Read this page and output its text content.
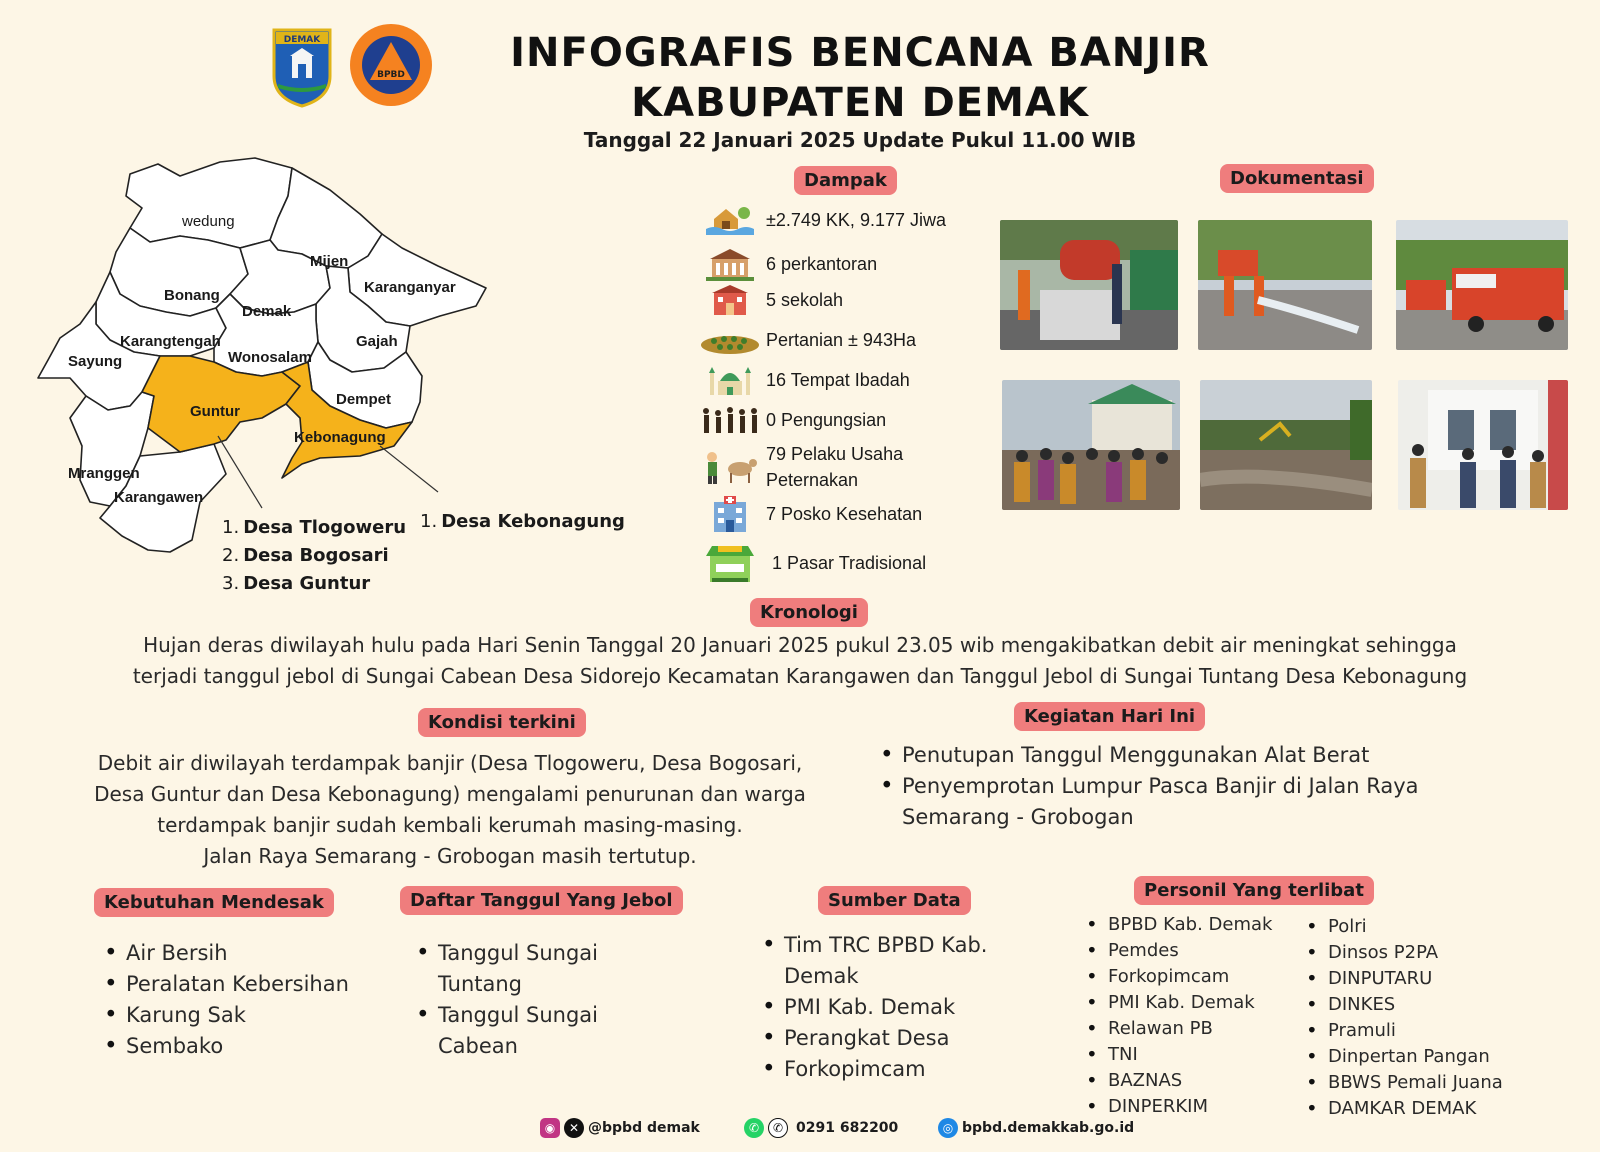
DEMAK
BPBD	INFOGRAFIS BENCANA BANJIR
KABUPATEN DEMAK
Tanggal 22 Januari 2025 Update Pukul 11.00 WIB
wedung
Mijen
Bonang
Demak
Karanganyar
Karangtengah	Gajah
Sayung	Wonosalam
Dempet
Guntur
Kebonagung
Mranggen
Karangawen
1. Desa Tlogoweru
2. Desa Bogosari
3. Desa Guntur
1. Desa Kebonagung
Dampak
±2.749 KK, 9.177 Jiwa
6 perkantoran
5 sekolah
Pertanian ± 943Ha
16 Tempat Ibadah
0 Pengungsian
79 Pelaku Usaha Peternakan
7 Posko Kesehatan
1 Pasar Tradisional
Dokumentasi
Kronologi
Hujan deras diwilayah hulu pada Hari Senin Tanggal 20 Januari 2025 pukul 23.05 wib mengakibatkan debit air meningkat sehingga
terjadi tanggul jebol di Sungai Cabean Desa Sidorejo Kecamatan Karangawen dan Tanggul Jebol di Sungai Tuntang Desa Kebonagung
Kondisi terkini
Debit air diwilayah terdampak banjir (Desa Tlogoweru, Desa Bogosari,
Desa Guntur dan Desa Kebonagung) mengalami penurunan dan warga
terdampak banjir sudah kembali kerumah masing-masing.
Jalan Raya Semarang - Grobogan masih tertutup.
Kegiatan Hari Ini
• Penutupan Tanggul Menggunakan Alat Berat
• Penyemprotan Lumpur Pasca Banjir di Jalan Raya Semarang - Grobogan
Kebutuhan Mendesak
• Air Bersih
• Peralatan Kebersihan
• Karung Sak
• Sembako
Daftar Tanggul Yang Jebol
• Tanggul Sungai Tuntang
• Tanggul Sungai Cabean
Sumber Data
• Tim TRC BPBD Kab. Demak
• PMI Kab. Demak
• Perangkat Desa
• Forkopimcam
Personil Yang terlibat
• BPBD Kab. Demak
• Pemdes
• Forkopimcam
• PMI Kab. Demak
• Relawan PB
• TNI
• BAZNAS
• DINPERKIM
• Polri
• Dinsos P2PA
• DINPUTARU
• DINKES
• Pramuli
• Dinpertan Pangan
• BBWS Pemali Juana
• DAMKAR DEMAK
◉	✕ @bpbd demak	✆	✆ 0291 682200	◎ bpbd.demakkab.go.id
